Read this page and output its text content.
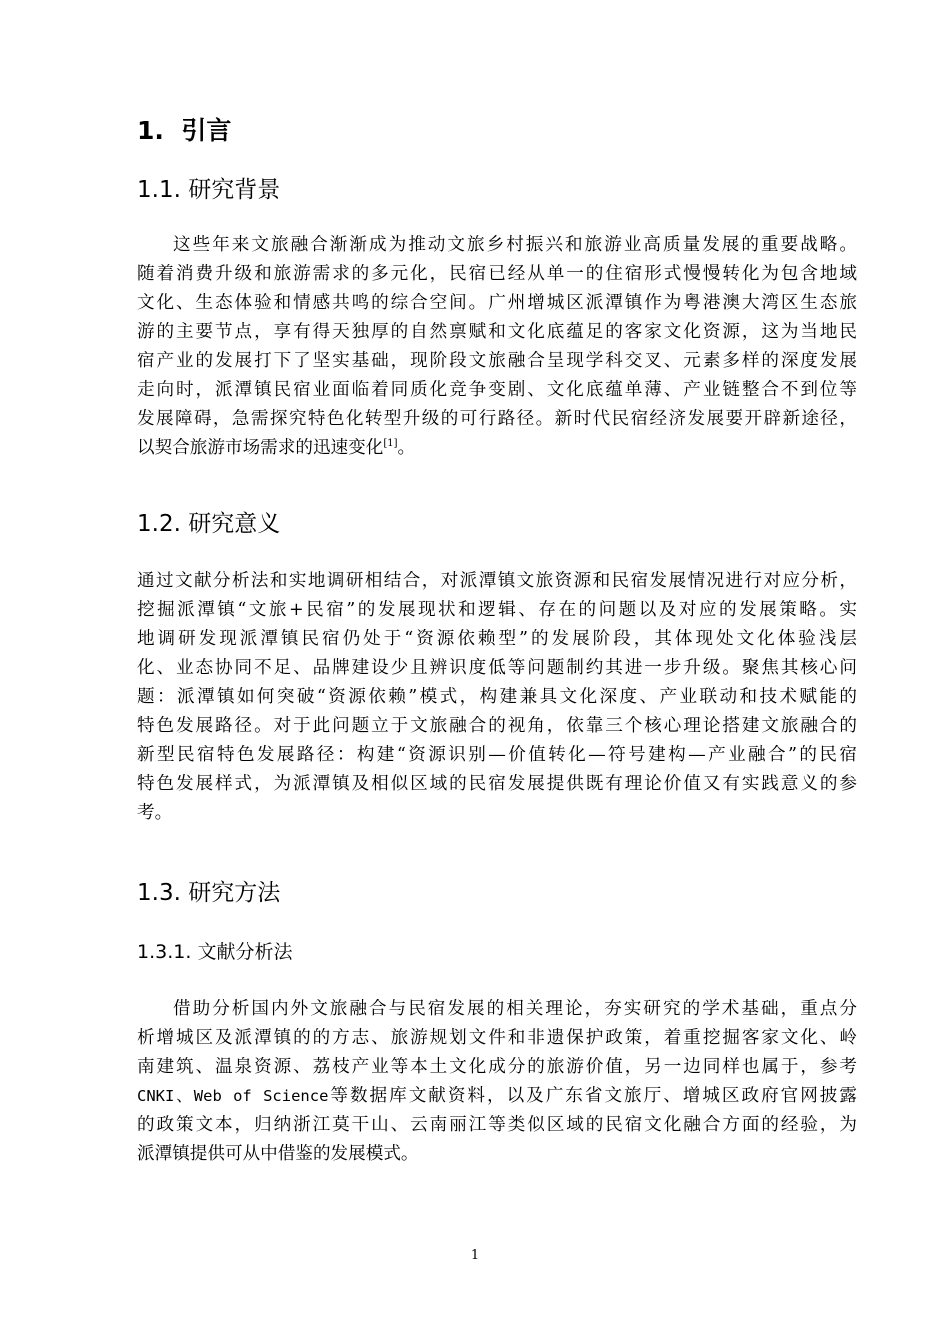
1. 引言
1.1. 研究背景
这些年来文旅融合渐渐成为推动文旅乡村振兴和旅游业高质量发展的重要战略。
随着消费升级和旅游需求的多元化，民宿已经从单一的住宿形式慢慢转化为包含地域
文化、生态体验和情感共鸣的综合空间。广州增城区派潭镇作为粤港澳大湾区生态旅
游的主要节点，享有得天独厚的自然禀赋和文化底蕴足的客家文化资源，这为当地民
宿产业的发展打下了坚实基础，现阶段文旅融合呈现学科交叉、元素多样的深度发展
走向时，派潭镇民宿业面临着同质化竞争变剧、文化底蕴单薄、产业链整合不到位等
发展障碍，急需探究特色化转型升级的可行路径。新时代民宿经济发展要开辟新途径，
以契合旅游市场需求的迅速变化[1]。
1.2. 研究意义
通过文献分析法和实地调研相结合，对派潭镇文旅资源和民宿发展情况进行对应分析，
挖掘派潭镇“文旅+民宿”的发展现状和逻辑、存在的问题以及对应的发展策略。实
地调研发现派潭镇民宿仍处于“资源依赖型”的发展阶段，其体现处文化体验浅层
化、业态协同不足、品牌建设少且辨识度低等问题制约其进一步升级。聚焦其核心问
题：派潭镇如何突破“资源依赖”模式，构建兼具文化深度、产业联动和技术赋能的
特色发展路径。对于此问题立于文旅融合的视角，依靠三个核心理论搭建文旅融合的
新型民宿特色发展路径：构建“资源识别—价值转化—符号建构—产业融合”的民宿
特色发展样式，为派潭镇及相似区域的民宿发展提供既有理论价值又有实践意义的参
考。
1.3. 研究方法
1.3.1. 文献分析法
借助分析国内外文旅融合与民宿发展的相关理论，夯实研究的学术基础，重点分
析增城区及派潭镇的的方志、旅游规划文件和非遗保护政策，着重挖掘客家文化、岭
南建筑、温泉资源、荔枝产业等本土文化成分的旅游价值，另一边同样也属于，参考
CNKI、Web of Science等数据库文献资料，以及广东省文旅厅、增城区政府官网披露
的政策文本，归纳浙江莫干山、云南丽江等类似区域的民宿文化融合方面的经验，为
派潭镇提供可从中借鉴的发展模式。
1
